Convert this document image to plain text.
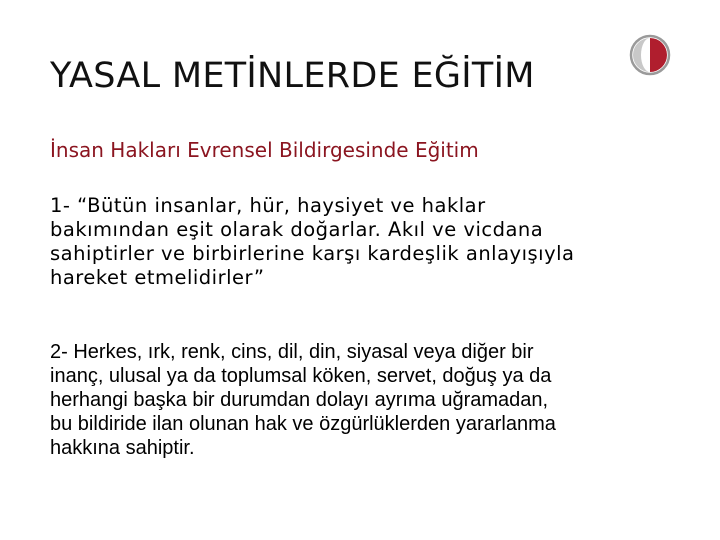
YASAL METİNLERDE EĞİTİM
İnsan Hakları Evrensel Bildirgesinde Eğitim
1- “Bütün insanlar, hür, haysiyet ve haklar
bakımından eşit olarak doğarlar. Akıl ve vicdana
sahiptirler ve birbirlerine karşı kardeşlik anlayışıyla
hareket etmelidirler”
2- Herkes, ırk, renk, cins, dil, din, siyasal veya diğer bir
inanç, ulusal ya da toplumsal köken, servet, doğuş ya da
herhangi başka bir durumdan dolayı ayrıma uğramadan,
bu bildiride ilan olunan hak ve özgürlüklerden yararlanma
hakkına sahiptir.
